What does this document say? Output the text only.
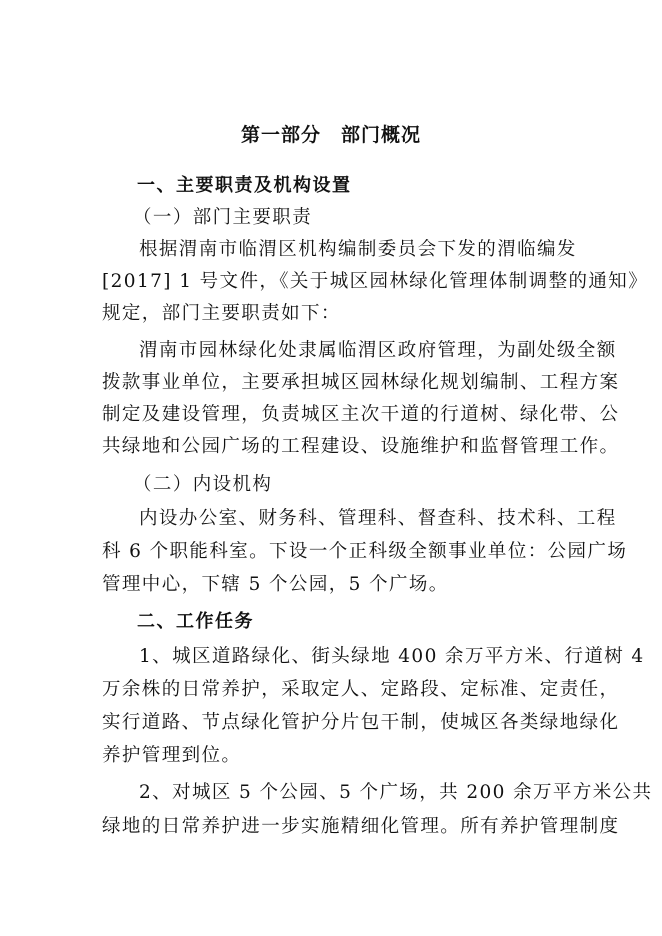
第一部分　部门概况
一、主要职责及机构设置
（一）部门主要职责
根据渭南市临渭区机构编制委员会下发的渭临编发
[2017] 1 号文件，《关于城区园林绿化管理体制调整的通知》
规定，部门主要职责如下：
渭南市园林绿化处隶属临渭区政府管理，为副处级全额
拨款事业单位，主要承担城区园林绿化规划编制、工程方案
制定及建设管理，负责城区主次干道的行道树、绿化带、公
共绿地和公园广场的工程建设、设施维护和监督管理工作。
（二）内设机构
内设办公室、财务科、管理科、督查科、技术科、工程
科 6 个职能科室。下设一个正科级全额事业单位：公园广场
管理中心，下辖 5 个公园，5 个广场。
二、工作任务
1、城区道路绿化、街头绿地 400 余万平方米、行道树 4
万余株的日常养护，采取定人、定路段、定标准、定责任，
实行道路、节点绿化管护分片包干制，使城区各类绿地绿化
养护管理到位。
2、对城区 5 个公园、5 个广场，共 200 余万平方米公共
绿地的日常养护进一步实施精细化管理。所有养护管理制度
